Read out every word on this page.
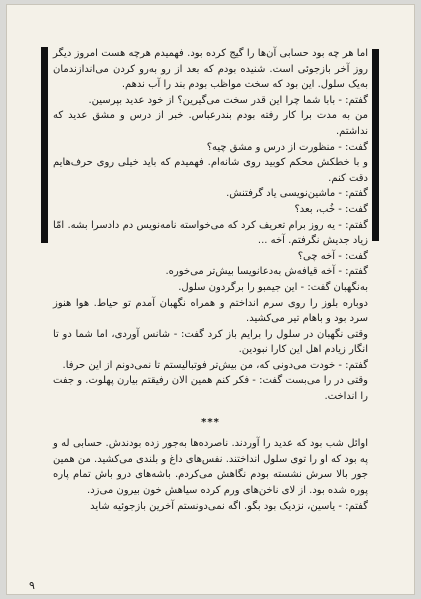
اما هر چه بود حسابی آن‌ها را گیج کرده بود. فهمیدم هرچه هست امروز دیگر روز آخر بازجوئی است. شنیده بودم که بعد از رو به‌رو کردن می‌انداز‌ندمان به‌یک سلول. این بود که سخت مواظب بودم بند را آب ندهم.

گفتم: - بابا شما چرا این قدر سخت می‌گیرین؟ از خود عدید بپرسین.

من به مدت برا کار رفته بودم بندرعباس. خبر از درس و مشق عدید که نداشتم.

گفت: - منظورت از درس و مشق چیه؟

و با خطکش محکم کوبید روی شانه‌ام. فهمیدم که باید خیلی روی حرف‌هایم دقت کنم.

گفتم: - ماشین‌نویسی یاد گرفتنش.

گفت: - خُب، بعد؟

گفتم: - یه روز برام تعریف کرد که می‌خواسته نامه‌نویس دم دادسرا بشه. امّا زیاد جدیش نگرفتم. آخه ...

گفت: - آخه چی؟

گفتم: - آخه قیافه‌ش به‌دعانویسا بیش‌تر می‌خوره.

به‌نگهبان گفت: - این جیمبو را برگردون سلول.

دوباره بلوز را روی سرم انداختم و همراه نگهبان آمدم تو حیاط. هوا هنوز سرد بود و باهام تیر می‌کشید.

وقتی نگهبان در سلول را برایم باز کرد گفت: - شانس آوردی، اما شما دو تا انگار زیادم اهل این کارا نبودین.

گفتم: - خودت می‌دونی که، من بیش‌تر فوتبالیستم تا نمی‌دونم از این حرفا.

وقتی در را می‌بست گفت: - فکر کنم همین الان رفیقتم بیارن پهلوت. و جفت را انداخت.

***

اوائل شب بود که عدید را آوردند. ناصرده‌ها به‌جور زده بودندش. حسابی له و په بود که او را توی سلول انداختند. نفس‌های داغ و بلندی می‌کشید. من همین جور بالا سرش نشسته بودم نگاهش می‌کردم. باشه‌های درو باش تمام پاره پوره شده بود. از لای ناخن‌های ورم کرده سیاهش خون بیرون می‌زد.

گفتم: - یاسین، نزدیک بود بگو. اگه نمی‌دونستم آخرین بازجوئیه شاید

۹
